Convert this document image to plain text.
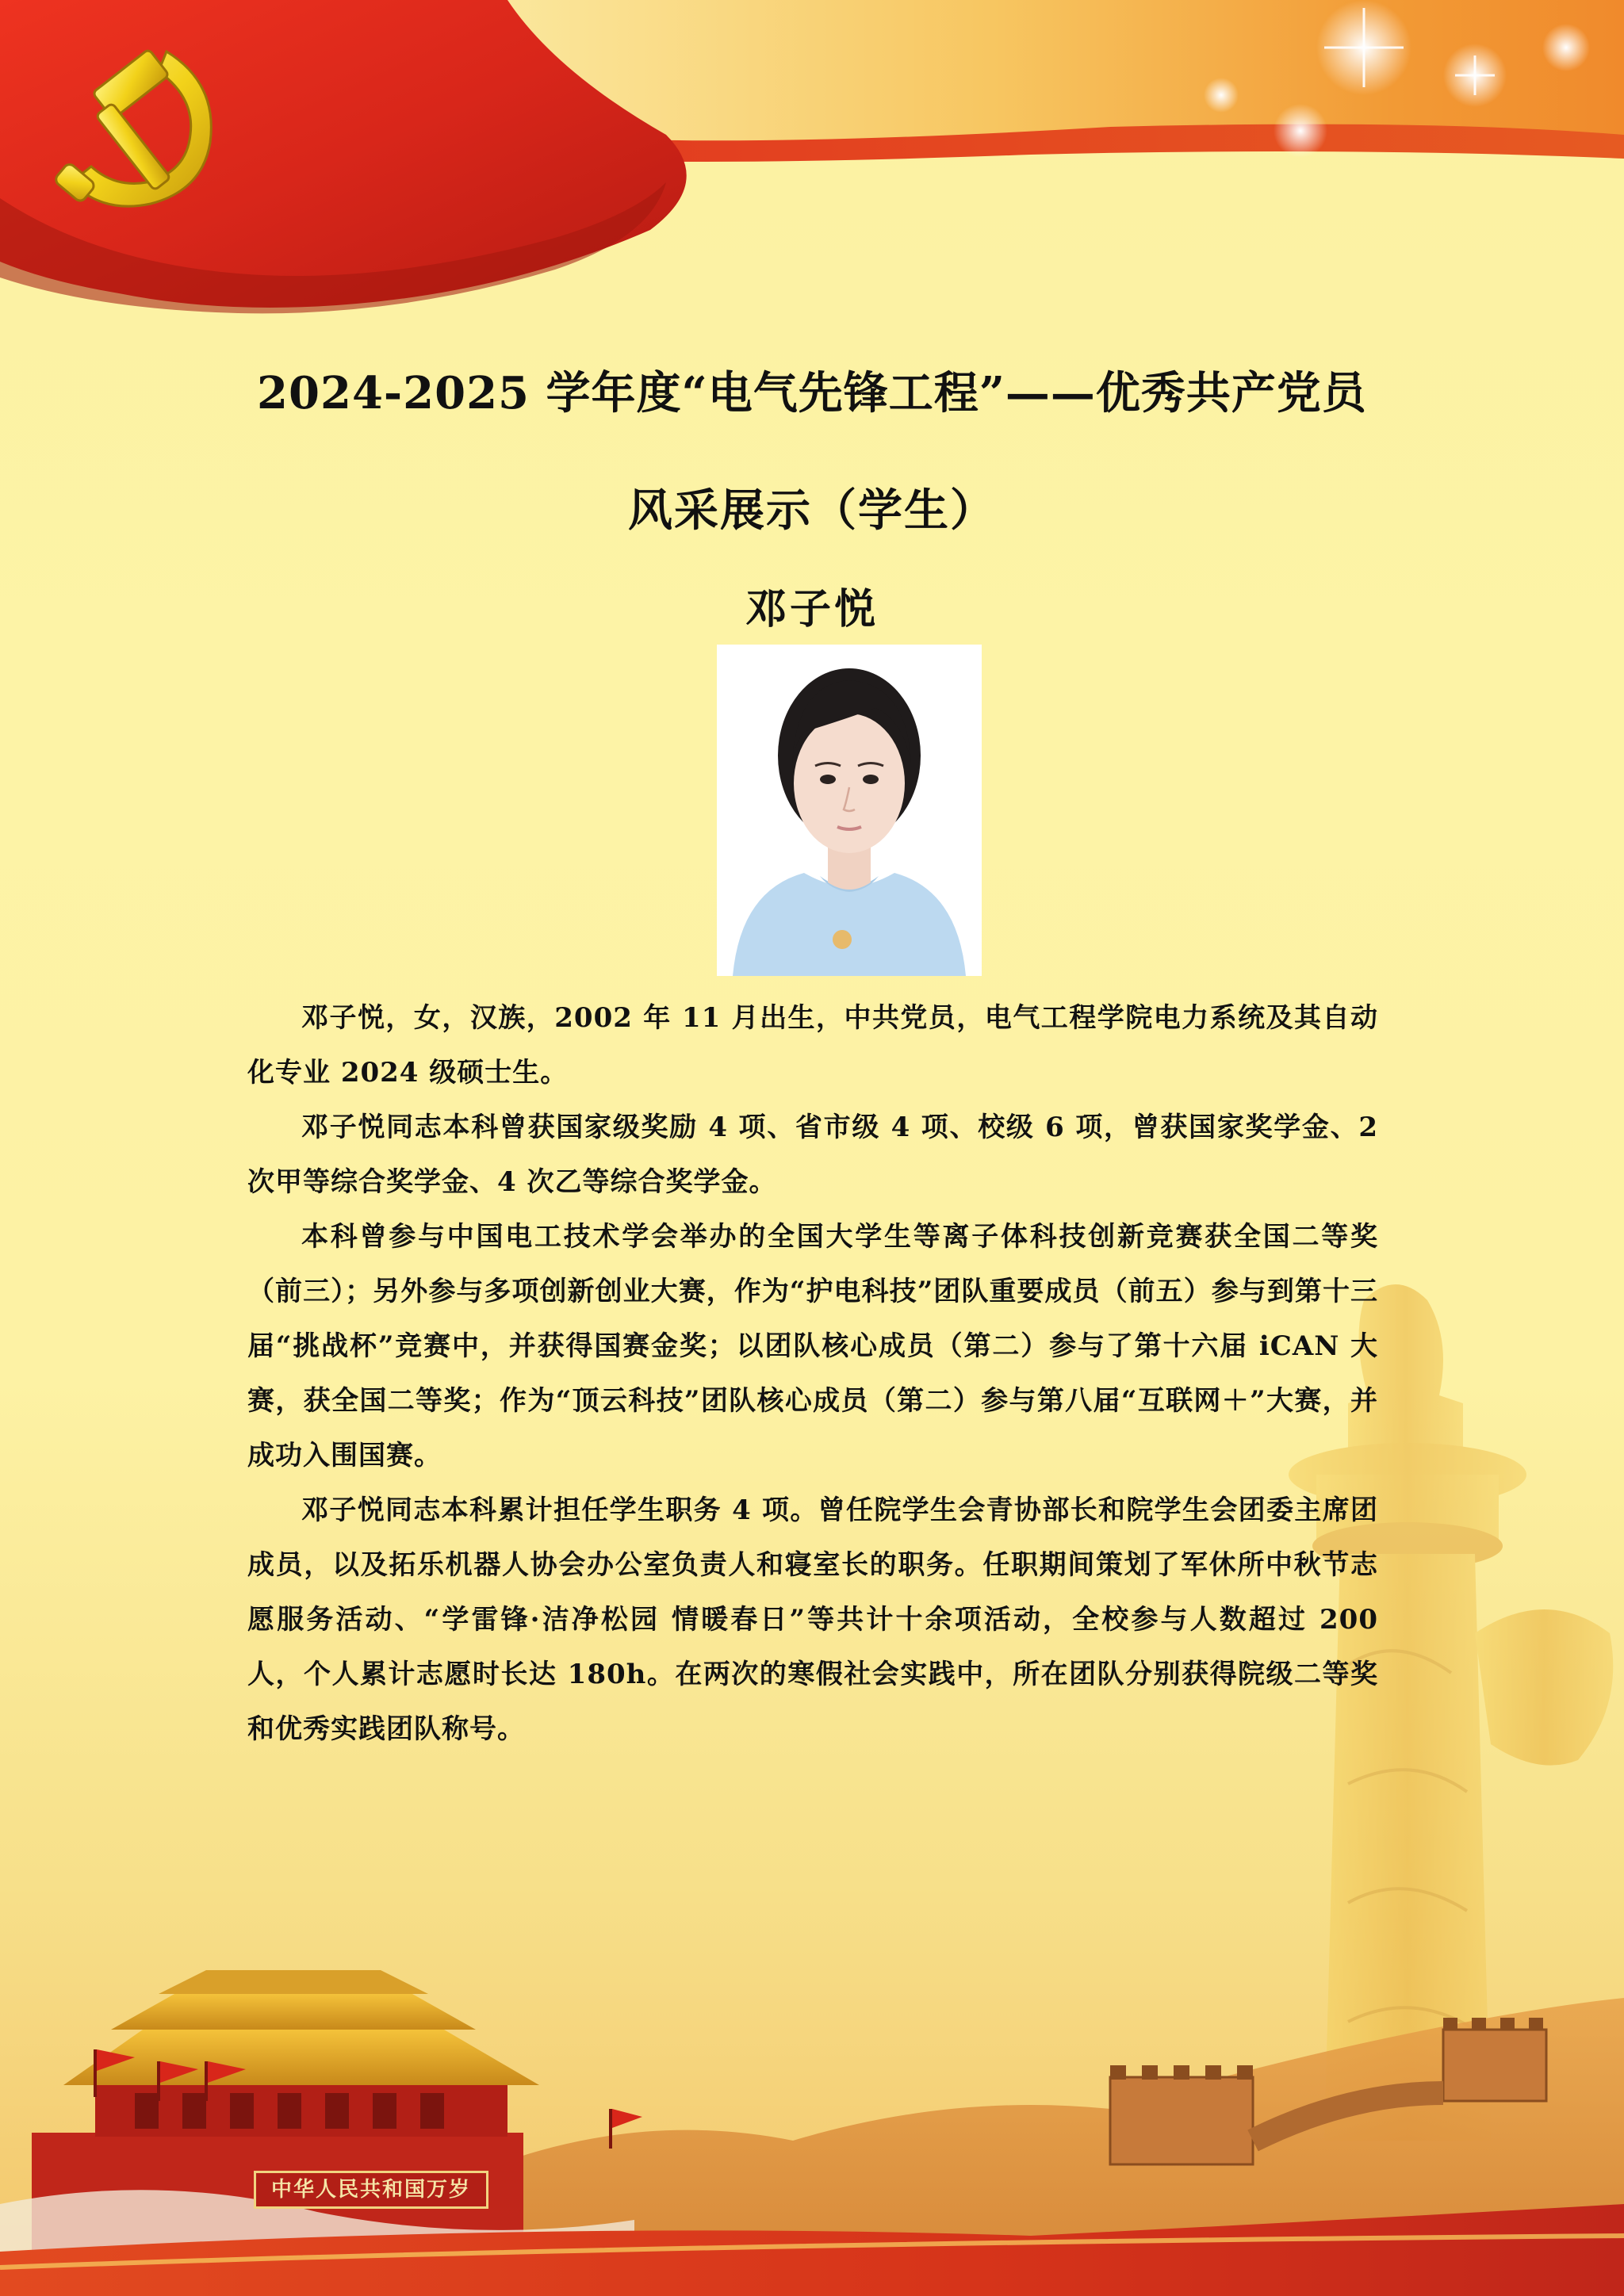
中华人民共和国万岁
2024-2025 学年度“电气先锋工程”——优秀共产党员
风采展示（学生）
邓子悦

邓子悦，女，汉族，2002 年 11 月出生，中共党员，电气工程学院电力系统及其自动化专业 2024 级硕士生。

邓子悦同志本科曾获国家级奖励 4 项、省市级 4 项、校级 6 项，曾获国家奖学金、2 次甲等综合奖学金、4 次乙等综合奖学金。

本科曾参与中国电工技术学会举办的全国大学生等离子体科技创新竞赛获全国二等奖（前三）；另外参与多项创新创业大赛，作为“护电科技”团队重要成员（前五）参与到第十三届“挑战杯”竞赛中，并获得国赛金奖；以团队核心成员（第二）参与了第十六届 iCAN 大赛，获全国二等奖；作为“顶云科技”团队核心成员（第二）参与第八届“互联网＋”大赛，并成功入围国赛。

邓子悦同志本科累计担任学生职务 4 项。曾任院学生会青协部长和院学生会团委主席团成员，以及拓乐机器人协会办公室负责人和寝室长的职务。任职期间策划了军休所中秋节志愿服务活动、“学雷锋·洁净松园 情暖春日”等共计十余项活动，全校参与人数超过 200 人，个人累计志愿时长达 180h。在两次的寒假社会实践中，所在团队分别获得院级二等奖和优秀实践团队称号。
